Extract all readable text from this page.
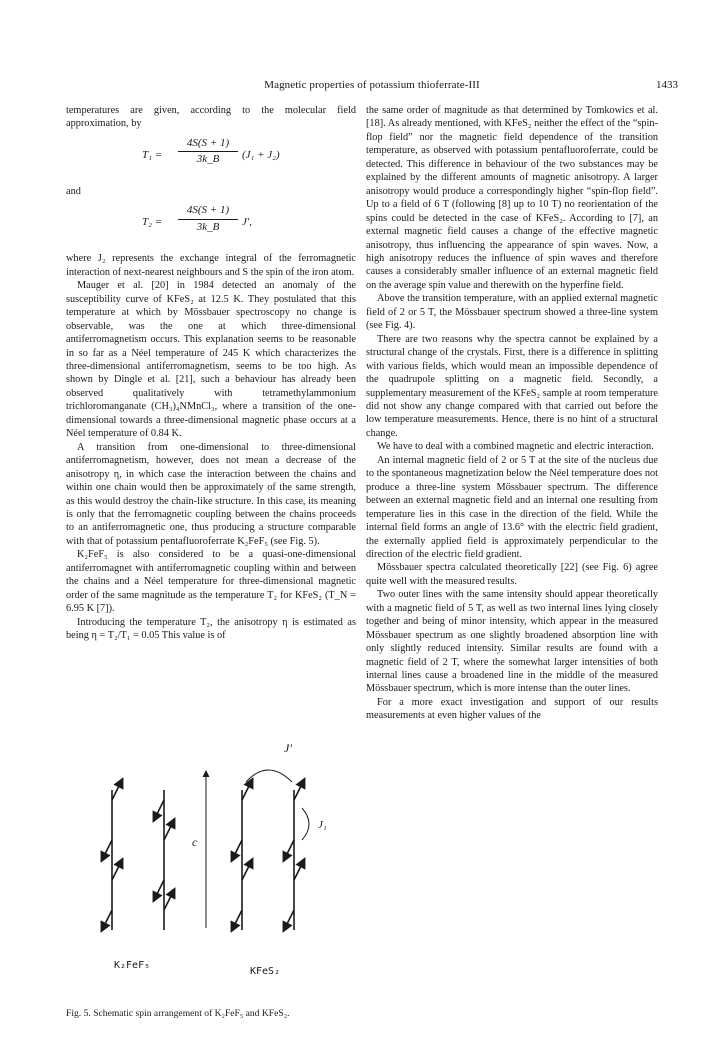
Magnetic properties of potassium thioferrate-III	1433

temperatures are given, according to the molecular field approximation, by

$T_1 = \frac{4S(S + 1)}{3k\_B} (J_1 + J_2)$

and

$T_2 = \frac{4S(S + 1)}{3k\_B} J'$,

where J₂ represents the exchange integral of the ferromagnetic interaction of next-nearest neighbours and S the spin of the iron atom.

Mauger et al. [20] in 1984 detected an anomaly of the susceptibility curve of KFeS₂ at 12.5 K. They postulated that this temperature at which by Mössbauer spectroscopy no change is observable, was the one at which three-dimensional antiferromagnetism occurs. This explanation seems to be reasonable in so far as a Néel temperature of 245 K which characterizes the three-dimensional antiferromagnetism, seems to be too high. As shown by Dingle et al. [21], such a behaviour has already been observed qualitatively with tetramethylammonium trichloromanganate (CH₃)₄NMnCl₃, where a transition of the one-dimensional towards a three-dimensional magnetic phase occurs at a Néel temperature of 0.84 K.

A transition from one-dimensional to three-dimensional antiferromagnetism, however, does not mean a decrease of the anisotropy η, in which case the interaction between the chains and within one chain would then be approximately of the same strength, as this would destroy the chain-like structure. In this case, its meaning is only that the ferromagnetic coupling between the chains proceeds to an antiferromagnetic one, thus producing a structure comparable with that of potassium pentafluoroferrate K₂FeF₅ (see Fig. 5).

K₂FeF₅ is also considered to be a quasi-one-dimensional antiferromagnet with antiferromagnetic coupling within and between the chains and a Néel temperature for three-dimensional magnetic order of the same magnitude as the temperature T₂ for KFeS₂ (T_N = 6.95 K [7]).

Introducing the temperature T₂, the anisotropy η is estimated as being η = T₂/T₁ = 0.05 This value is of

J′
J₁
c
K₂FeF₅
KFeS₂
Fig. 5. Schematic spin arrangement of K₂FeF₅ and KFeS₂.

the same order of magnitude as that determined by Tomkowics et al. [18]. As already mentioned, with KFeS₂ neither the effect of the “spin-flop field” nor the magnetic field dependence of the transition temperature, as observed with potassium pentafluoroferrate, could be detected. This difference in behaviour of the two substances may be explained by the different amounts of magnetic anisotropy. A larger anisotropy would produce a correspondingly higher “spin-flop field”. Up to a field of 6 T (following [8] up to 10 T) no reorientation of the spins could be detected in the case of KFeS₂. According to [7], an external magnetic field causes a change of the effective magnetic anisotropy, thus influencing the appearance of spin waves. Now, a high anisotropy reduces the influence of spin waves and therefore causes a considerably smaller influence of an external magnetic field on the average spin value and therewith on the hyperfine field.

Above the transition temperature, with an applied external magnetic field of 2 or 5 T, the Mössbauer spectrum showed a three-line system (see Fig. 4).

There are two reasons why the spectra cannot be explained by a structural change of the crystals. First, there is a difference in splitting with various fields, which would mean an impossible dependence of the quadrupole splitting on a magnetic field. Secondly, a supplementary measurement of the KFeS₂ sample at room temperature did not show any change compared with that carried out before the low temperature measurements. Hence, there is no hint of a structural change.

We have to deal with a combined magnetic and electric interaction.

An internal magnetic field of 2 or 5 T at the site of the nucleus due to the spontaneous magnetization below the Néel temperature does not produce a three-line system Mössbauer spectrum. The difference between an external magnetic field and an internal one resulting from temperature lies in this case in the direction of the field. While the internal field forms an angle of 13.6° with the electric field gradient, the externally applied field is approximately perpendicular to the direction of the electric field gradient.

Mössbauer spectra calculated theoretically [22] (see Fig. 6) agree quite well with the measured results.

Two outer lines with the same intensity should appear theoretically with a magnetic field of 5 T, as well as two internal lines lying closely together and being of minor intensity, which appear in the measured Mössbauer spectrum as one slightly broadened absorption line with only slightly reduced intensity. Similar results are found with a magnetic field of 2 T, where the somewhat larger intensities of both internal lines cause a broadened line in the middle of the measured Mössbauer spectrum, which is more intense than the outer lines.

For a more exact investigation and support of our results measurements at even higher values of the
